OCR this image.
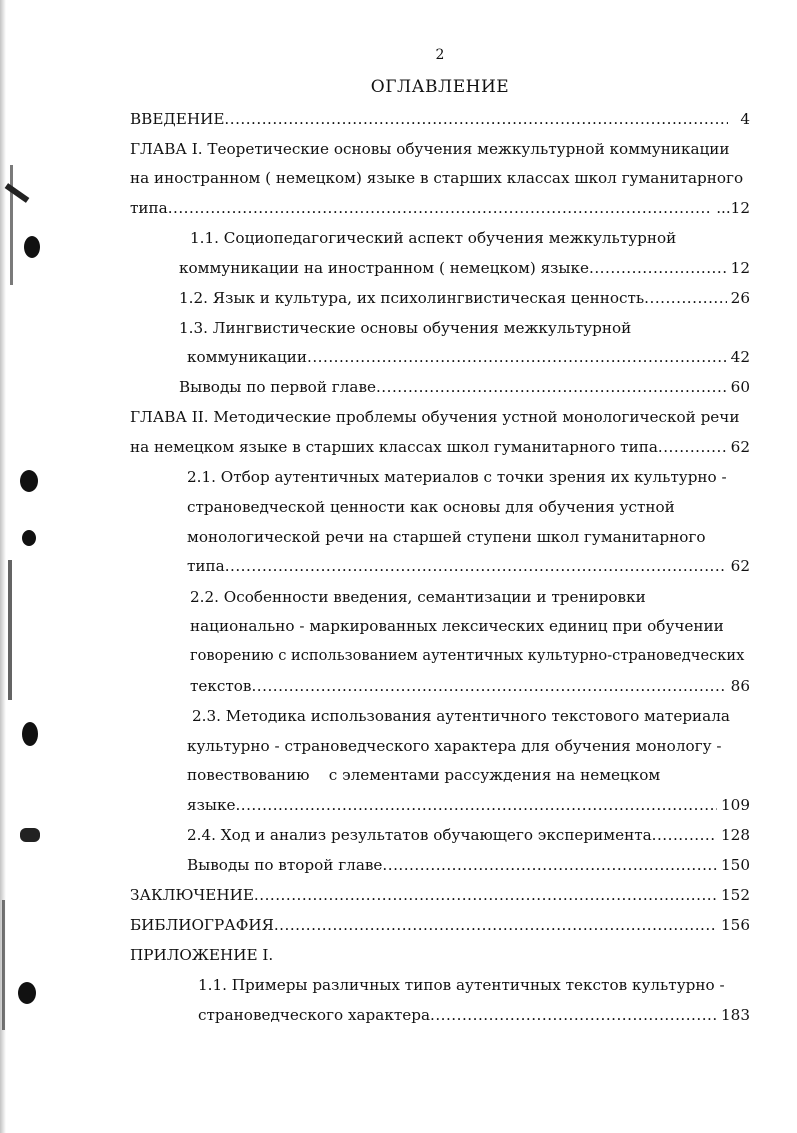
2
ОГЛАВЛЕНИЕ
ВВЕДЕНИЕ .....	4
ГЛАВА I. Теоретические основы обучения межкультурной коммуникации
на иностранном ( немецком) языке в старших классах школ гуманитарного
типа .....	...12
1.1. Социопедагогический аспект обучения межкультурной
коммуникации на иностранном ( немецком) языке .....	12
1.2. Язык и культура, их психолингвистическая ценность .....	26
1.3. Лингвистические основы обучения межкультурной
коммуникации .....	42
Выводы по первой главе .....	60
ГЛАВА II. Методические проблемы обучения устной монологической речи
на немецком языке в старших классах школ гуманитарного типа .....	62
2.1. Отбор аутентичных материалов с точки зрения их культурно -
страноведческой ценности как основы для обучения устной
монологической речи на старшей ступени школ гуманитарного
типа .....	62
2.2. Особенности введения, семантизации и тренировки
национально - маркированных лексических единиц при обучении
говорению с использованием аутентичных культурно-страноведческих
текстов .....	86
2.3. Методика использования аутентичного текстового материала
культурно - страноведческого характера для обучения монологу -
повествованию    с элементами рассуждения на немецком
языке .....	109
2.4. Ход и анализ результатов обучающего эксперимента .....	128
Выводы по второй главе .....	150
ЗАКЛЮЧЕНИЕ .....	152
БИБЛИОГРАФИЯ .....	156
ПРИЛОЖЕНИЕ I.
1.1. Примеры различных типов аутентичных текстов культурно -
страноведческого характера .....	183
